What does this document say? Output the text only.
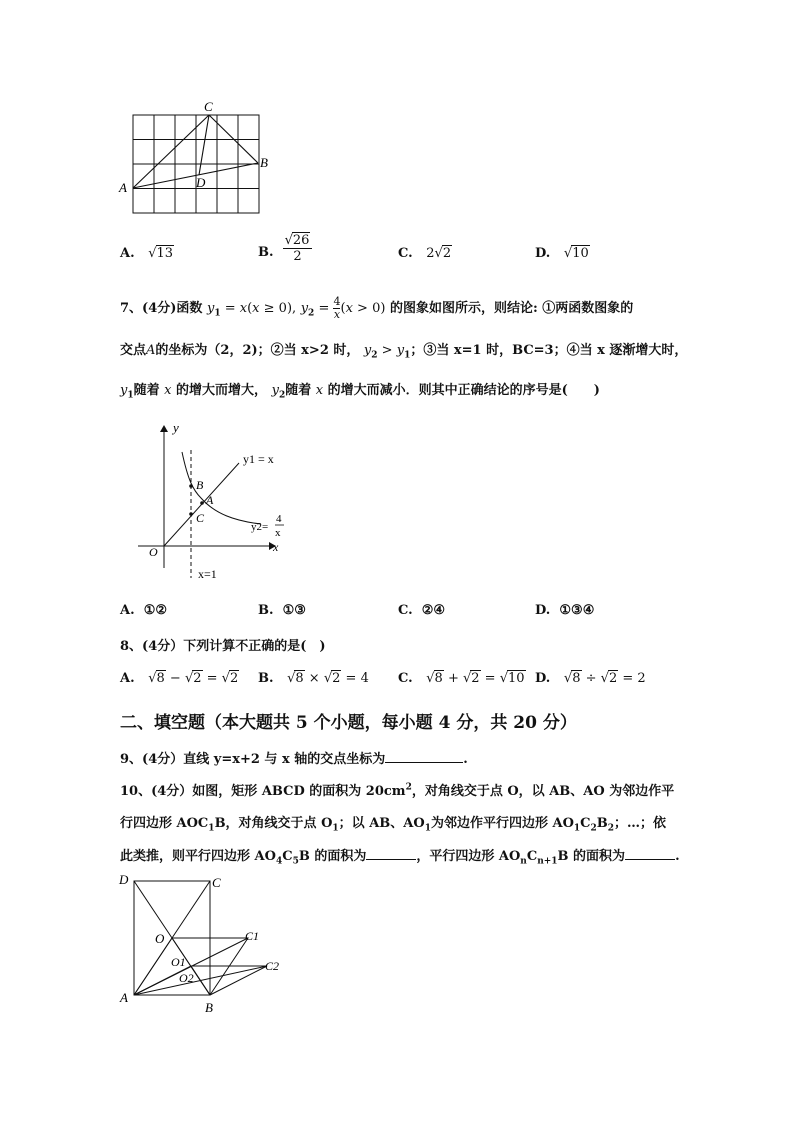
C
B
A	D
A. √13	B. $\frac{√26}{2}$	C. 2√2	D. √10
7、(4分)函数 $y_1 = x(x \ge 0)$, $y_2 = \frac{4}{x} (x > 0)$ 的图象如图所示，则结论: ①两函数图象的
交点A的坐标为（2，2)；②当 x>2 时， $y_2 > y_1$；③当 x=1 时，BC=3；④当 x 逐渐增大时，
$y_1$随着 x 的增大而增大， $y_2$随着 x 的增大而减小．则其中正确结论的序号是(　　)
y
x
O
B
A
C
y1 = x
y2=
4
x
x=1
A. ①②	B. ①③	C. ②④	D. ①③④
8、(4分）下列计算不正确的是(　)
A. √8 − √2 = √2 B. √8 × √2 = 4 C. √8 + √2 = √10 D. √8 ÷ √2 = 2
二、填空题（本大题共 5 个小题，每小题 4 分，共 20 分）
9、(4分）直线 y=x+2 与 x 轴的交点坐标为	.
10、(4分）如图，矩形 ABCD 的面积为 $20cm^2$，对角线交于点 O，以 AB、AO 为邻边作平
行四边形 $AOC_1B$，对角线交于点 $O_1$；以 AB、$AO_1$为邻边作平行四边形 $AO_1C_2B_2$；…；依
此类推，则平行四边形 $AO_4C_5B$ 的面积为	，平行四边形 $AO_nC_{n+1}B$ 的面积为	.
D	C
O	C1
O1
O2
C2
A
B
